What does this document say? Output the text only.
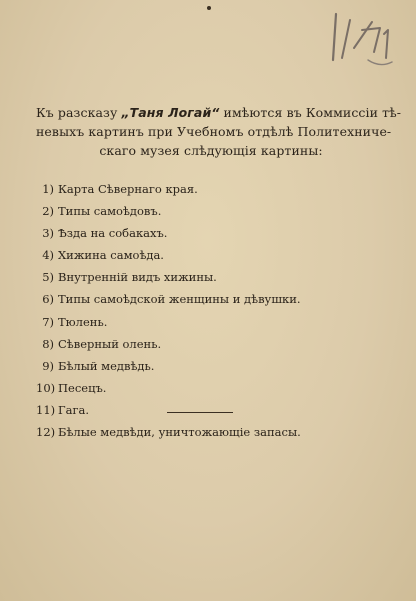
Къ разсказу „Таня Логай“ имѣются въ Коммиссіи тѣ-
невыхъ картинъ при Учебномъ отдѣлѣ Политехниче-
скаго музея слѣдующія картины:
1) Карта Сѣвернаго края.
2) Типы самоѣдовъ.
3) Ѣзда на собакахъ.
4) Хижина самоѣда.
5) Внутренній видъ хижины.
6) Типы самоѣдской женщины и дѣвушки.
7) Тюлень.
8) Сѣверный олень.
9) Бѣлый медвѣдь.
10) Песецъ.
11) Гага.
12) Бѣлые медвѣди, уничтожающіе запасы.
